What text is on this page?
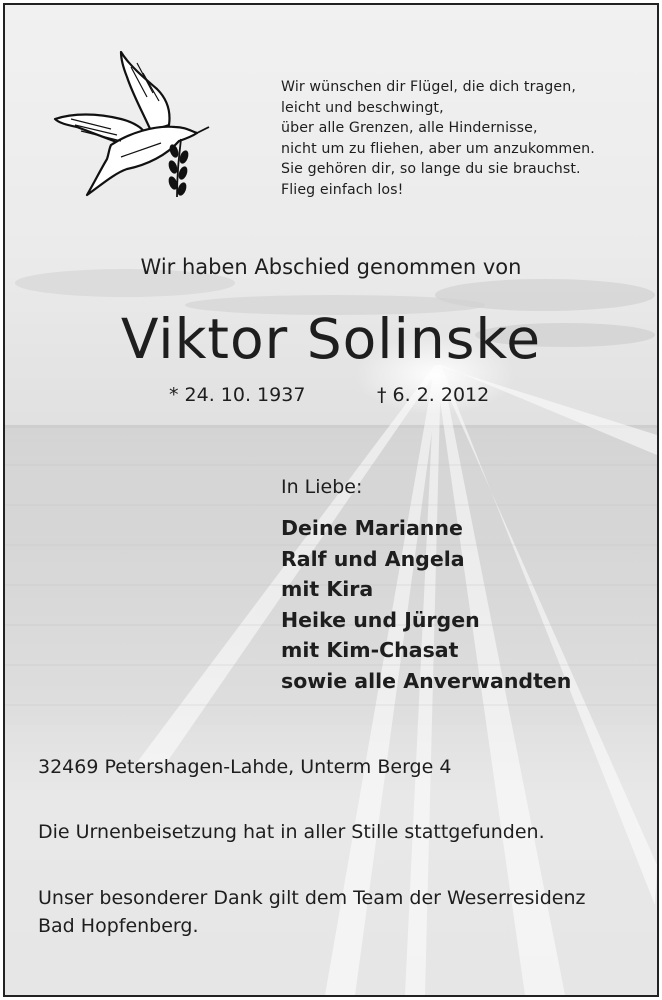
Wir wünschen dir Flügel, die dich tragen,
leicht und beschwingt,
über alle Grenzen, alle Hindernisse,
nicht um zu fliehen, aber um anzukommen.
Sie gehören dir, so lange du sie brauchst.
Flieg einfach los!
Wir haben Abschied genommen von
Viktor Solinske
* 24. 10. 1937	† 6. 2. 2012
In Liebe:
Deine Marianne
Ralf und Angela
mit Kira
Heike und Jürgen
mit Kim-Chasat
sowie alle Anverwandten
32469 Petershagen-Lahde, Unterm Berge 4
Die Urnenbeisetzung hat in aller Stille stattgefunden.
Unser besonderer Dank gilt dem Team der Weserresidenz
Bad Hopfenberg.
